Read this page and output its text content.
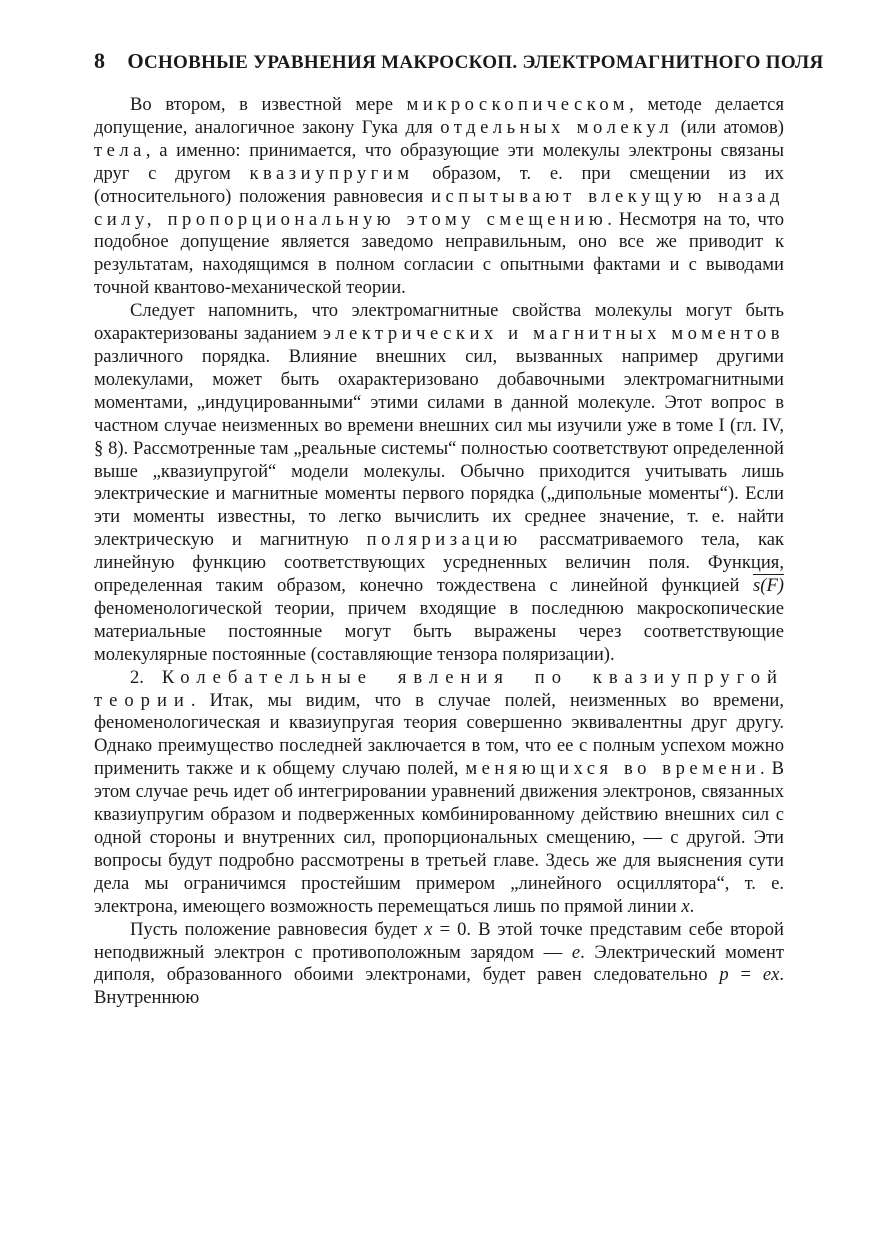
8 ОСНОВНЫЕ УРАВНЕНИЯ МАКРОСКОП. ЭЛЕКТРОМАГНИТНОГО ПОЛЯ

Во втором, в известной мере микроскопическом, методе делается допущение, аналогичное закону Гука для отдельных молекул (или атомов) тела, а именно: принимается, что образующие эти молекулы электроны связаны друг с другом квазиупругим образом, т. е. при смещении из их (относительного) положения равновесия испытывают влекущую назад силу, пропорциональную этому смещению. Несмотря на то, что подобное допущение является заведомо неправильным, оно все же приводит к результатам, находящимся в полном согласии с опытными фактами и с выводами точной квантово-механической теории.

Следует напомнить, что электромагнитные свойства молекулы могут быть охарактеризованы заданием электрических и магнитных моментов различного порядка. Влияние внешних сил, вызванных например другими молекулами, может быть охарактеризовано добавочными электромагнитными моментами, „индуцированными“ этими силами в данной молекуле. Этот вопрос в частном случае неизменных во времени внешних сил мы изучили уже в томе I (гл. IV, § 8). Рассмотренные там „реальные системы“ полностью соответствуют определенной выше „квазиупругой“ модели молекулы. Обычно приходится учитывать лишь электрические и магнитные моменты первого порядка („дипольные моменты“). Если эти моменты известны, то легко вычислить их среднее значение, т. е. найти электрическую и магнитную поляризацию рассматриваемого тела, как линейную функцию соответствующих усредненных величин поля. Функция, определенная таким образом, конечно тождествена с линейной функцией s(F) феноменологической теории, причем входящие в последнюю макроскопические материальные постоянные могут быть выражены через соответствующие молекулярные постоянные (составляющие тензора поляризации).

2. Колебательные явления по квазиупругой теории. Итак, мы видим, что в случае полей, неизменных во времени, феноменологическая и квазиупругая теория совершенно эквивалентны друг другу. Однако преимущество последней заключается в том, что ее с полным успехом можно применить также и к общему случаю полей, меняющихся во времени. В этом случае речь идет об интегрировании уравнений движения электронов, связанных квазиупругим образом и подверженных комбинированному действию внешних сил с одной стороны и внутренних сил, пропорциональных смещению, — с другой. Эти вопросы будут подробно рассмотрены в третьей главе. Здесь же для выяснения сути дела мы ограничимся простейшим примером „линейного осциллятора“, т. е. электрона, имеющего возможность перемещаться лишь по прямой линии x.

Пусть положение равновесия будет x = 0. В этой точке представим себе второй неподвижный электрон с противоположным зарядом — e. Электрический момент диполя, образованного обоими электронами, будет равен следовательно p = ex. Внутреннюю
